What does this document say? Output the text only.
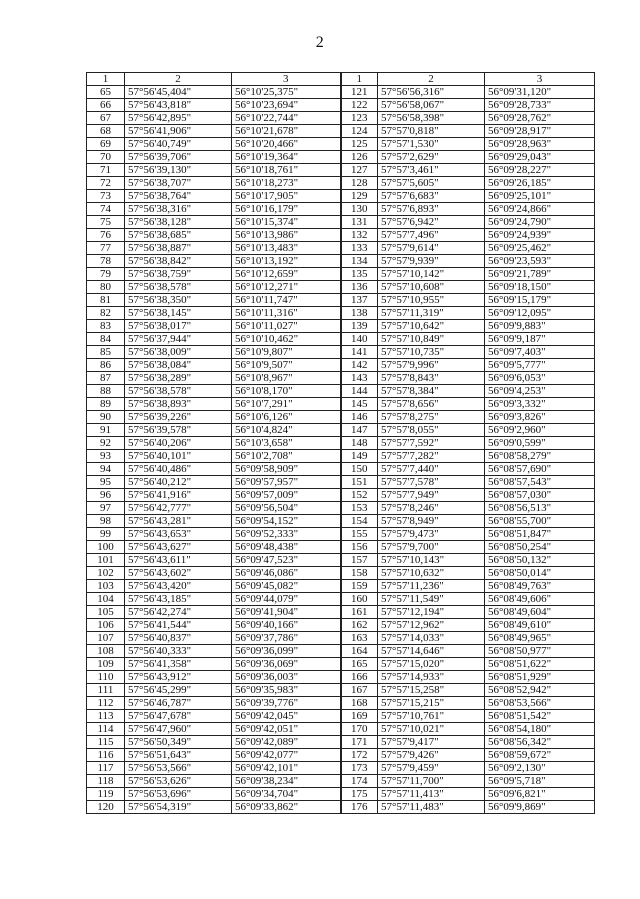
2
1	2	3	1	2	3
65	57°56'45,404"	56°10'25,375"	121	57°56'56,316"	56°09'31,120"
66	57°56'43,818"	56°10'23,694"	122	57°56'58,067"	56°09'28,733"
67	57°56'42,895"	56°10'22,744"	123	57°56'58,398"	56°09'28,762"
68	57°56'41,906"	56°10'21,678"	124	57°57'0,818"	56°09'28,917"
69	57°56'40,749"	56°10'20,466"	125	57°57'1,530"	56°09'28,963"
70	57°56'39,706"	56°10'19,364"	126	57°57'2,629"	56°09'29,043"
71	57°56'39,130"	56°10'18,761"	127	57°57'3,461"	56°09'28,227"
72	57°56'38,707"	56°10'18,273"	128	57°57'5,605"	56°09'26,185"
73	57°56'38,764"	56°10'17,905"	129	57°57'6,683"	56°09'25,101"
74	57°56'38,316"	56°10'16,179"	130	57°57'6,893"	56°09'24,866"
75	57°56'38,128"	56°10'15,374"	131	57°57'6,942"	56°09'24,790"
76	57°56'38,685"	56°10'13,986"	132	57°57'7,496"	56°09'24,939"
77	57°56'38,887"	56°10'13,483"	133	57°57'9,614"	56°09'25,462"
78	57°56'38,842"	56°10'13,192"	134	57°57'9,939"	56°09'23,593"
79	57°56'38,759"	56°10'12,659"	135	57°57'10,142"	56°09'21,789"
80	57°56'38,578"	56°10'12,271"	136	57°57'10,608"	56°09'18,150"
81	57°56'38,350"	56°10'11,747"	137	57°57'10,955"	56°09'15,179"
82	57°56'38,145"	56°10'11,316"	138	57°57'11,319"	56°09'12,095"
83	57°56'38,017"	56°10'11,027"	139	57°57'10,642"	56°09'9,883"
84	57°56'37,944"	56°10'10,462"	140	57°57'10,849"	56°09'9,187"
85	57°56'38,009"	56°10'9,807"	141	57°57'10,735"	56°09'7,403"
86	57°56'38,084"	56°10'9,507"	142	57°57'9,996"	56°09'5,777"
87	57°56'38,289"	56°10'8,967"	143	57°57'8,843"	56°09'6,053"
88	57°56'38,578"	56°10'8,170"	144	57°57'8,384"	56°09'4,253"
89	57°56'38,893"	56°10'7,291"	145	57°57'8,656"	56°09'3,332"
90	57°56'39,226"	56°10'6,126"	146	57°57'8,275"	56°09'3,826"
91	57°56'39,578"	56°10'4,824"	147	57°57'8,055"	56°09'2,960"
92	57°56'40,206"	56°10'3,658"	148	57°57'7,592"	56°09'0,599"
93	57°56'40,101"	56°10'2,708"	149	57°57'7,282"	56°08'58,279"
94	57°56'40,486"	56°09'58,909"	150	57°57'7,440"	56°08'57,690"
95	57°56'40,212"	56°09'57,957"	151	57°57'7,578"	56°08'57,543"
96	57°56'41,916"	56°09'57,009"	152	57°57'7,949"	56°08'57,030"
97	57°56'42,777"	56°09'56,504"	153	57°57'8,246"	56°08'56,513"
98	57°56'43,281"	56°09'54,152"	154	57°57'8,949"	56°08'55,700"
99	57°56'43,653"	56°09'52,333"	155	57°57'9,473"	56°08'51,847"
100	57°56'43,627"	56°09'48,438"	156	57°57'9,700"	56°08'50,254"
101	57°56'43,611"	56°09'47,523"	157	57°57'10,143"	56°08'50,132"
102	57°56'43,602"	56°09'46,086"	158	57°57'10,632"	56°08'50,014"
103	57°56'43,420"	56°09'45,082"	159	57°57'11,236"	56°08'49,763"
104	57°56'43,185"	56°09'44,079"	160	57°57'11,549"	56°08'49,606"
105	57°56'42,274"	56°09'41,904"	161	57°57'12,194"	56°08'49,604"
106	57°56'41,544"	56°09'40,166"	162	57°57'12,962"	56°08'49,610"
107	57°56'40,837"	56°09'37,786"	163	57°57'14,033"	56°08'49,965"
108	57°56'40,333"	56°09'36,099"	164	57°57'14,646"	56°08'50,977"
109	57°56'41,358"	56°09'36,069"	165	57°57'15,020"	56°08'51,622"
110	57°56'43,912"	56°09'36,003"	166	57°57'14,933"	56°08'51,929"
111	57°56'45,299"	56°09'35,983"	167	57°57'15,258"	56°08'52,942"
112	57°56'46,787"	56°09'39,776"	168	57°57'15,215"	56°08'53,566"
113	57°56'47,678"	56°09'42,045"	169	57°57'10,761"	56°08'51,542"
114	57°56'47,960"	56°09'42,051"	170	57°57'10,021"	56°08'54,180"
115	57°56'50,349"	56°09'42,089"	171	57°57'9,417"	56°08'56,342"
116	57°56'51,643"	56°09'42,077"	172	57°57'9,426"	56°08'59,672"
117	57°56'53,566"	56°09'42,101"	173	57°57'9,459"	56°09'2,130"
118	57°56'53,626"	56°09'38,234"	174	57°57'11,700"	56°09'5,718"
119	57°56'53,696"	56°09'34,704"	175	57°57'11,413"	56°09'6,821"
120	57°56'54,319"	56°09'33,862"	176	57°57'11,483"	56°09'9,869"
